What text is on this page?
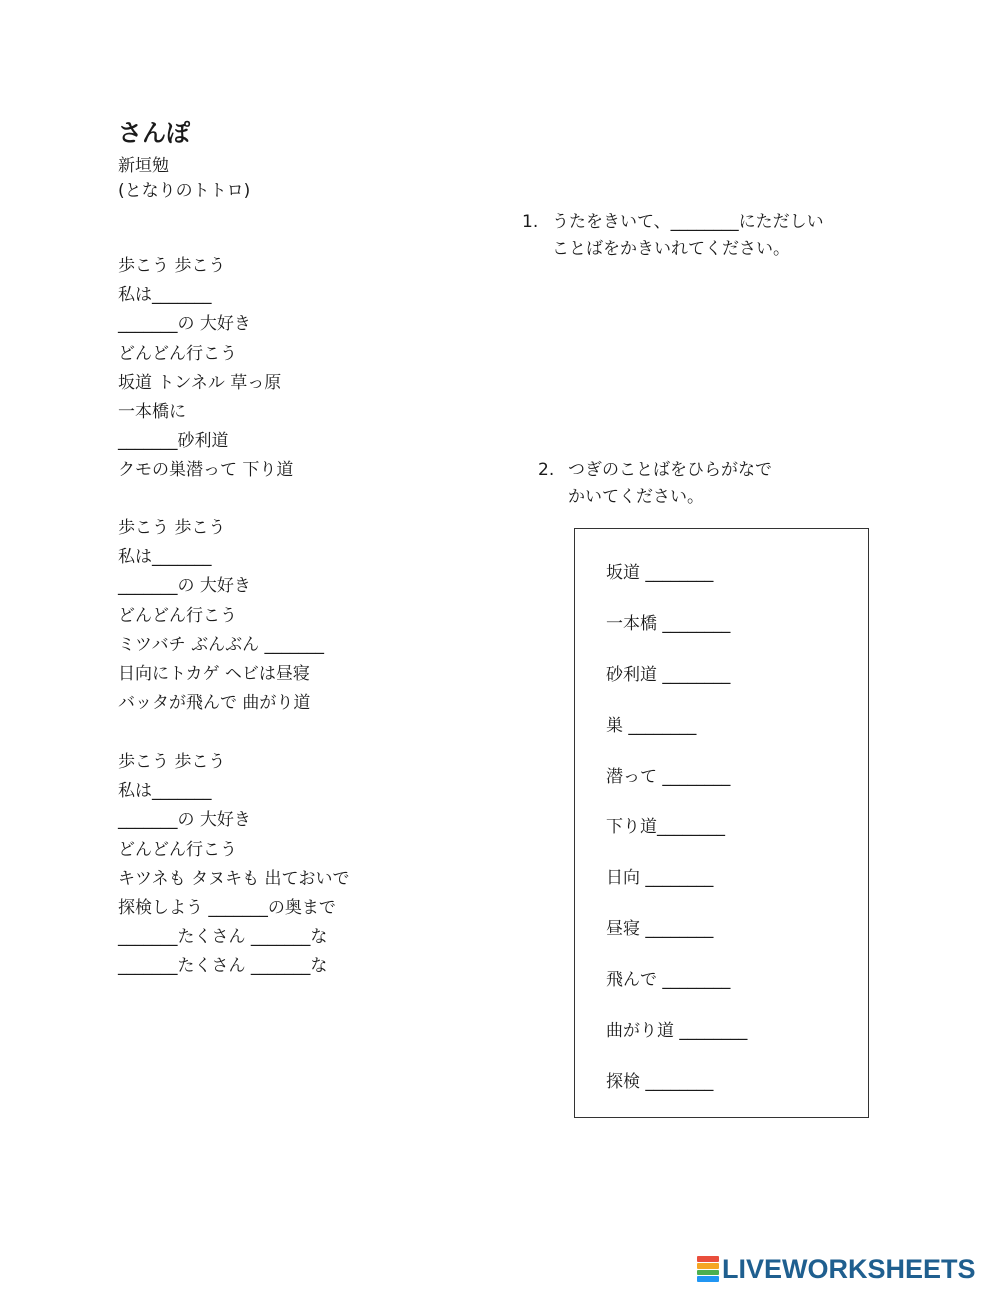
さんぽ
新垣勉
(となりのトトロ)
歩こう 歩こう
私は_______
_______の 大好き
どんどん行こう
坂道 トンネル 草っ原
一本橋に
_______砂利道
クモの巣潜って 下り道
歩こう 歩こう
私は_______
_______の 大好き
どんどん行こう
ミツバチ ぶんぶん _______
日向にトカゲ ヘビは昼寝
バッタが飛んで 曲がり道
歩こう 歩こう
私は_______
_______の 大好き
どんどん行こう
キツネも タヌキも 出ておいで
探検しよう _______の奥まで
_______たくさん _______な
_______たくさん _______な
1. うたをきいて、________にただしい
ことばをかきいれてください。
2. つぎのことばをひらがなで
かいてください。
坂道 ________
一本橋 ________
砂利道 ________
巣 ________
潜って ________
下り道________
日向 ________
昼寝 ________
飛んで ________
曲がり道 ________
探検 ________
LIVEWORKSHEETS
